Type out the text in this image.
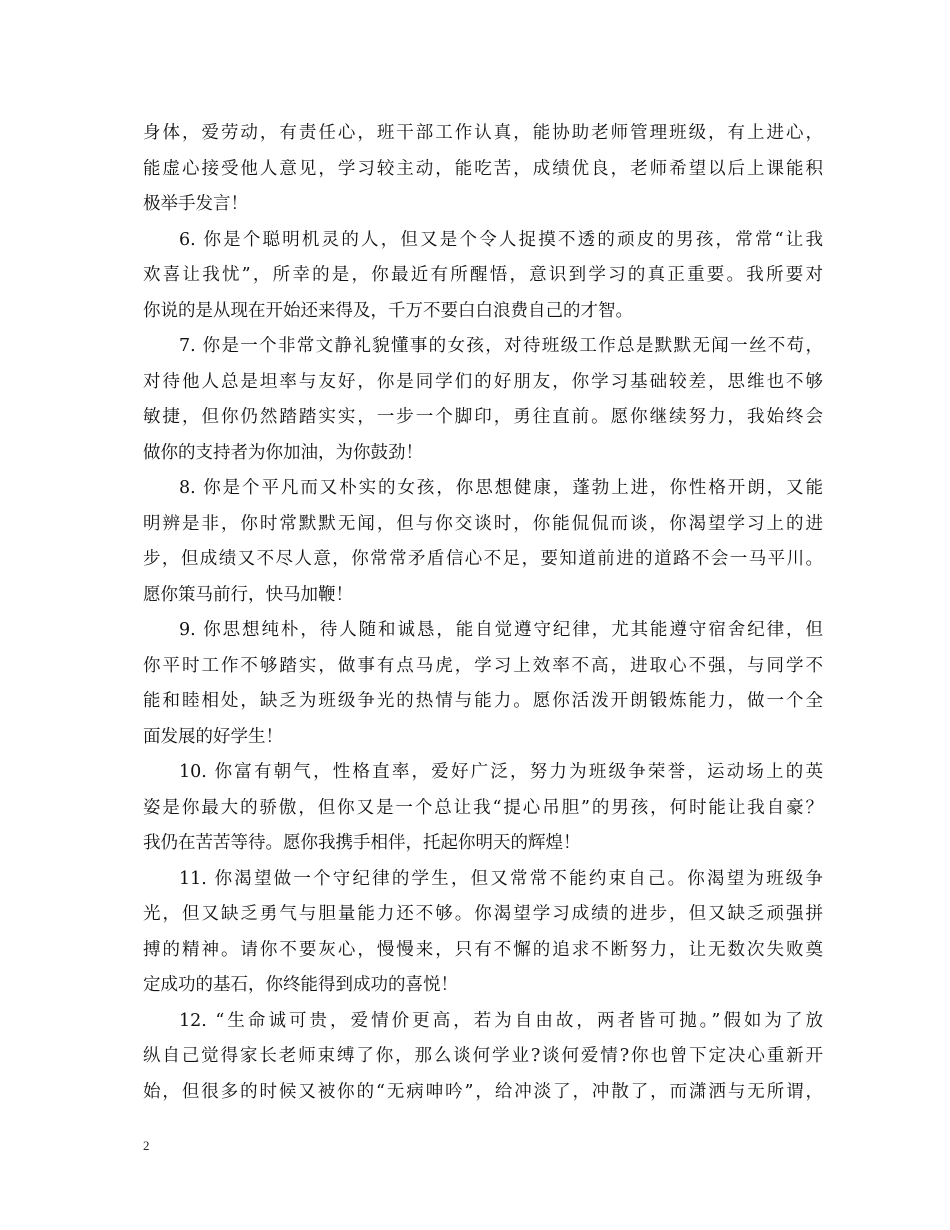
身体，爱劳动，有责任心，班干部工作认真，能协助老师管理班级，有上进心，
能虚心接受他人意见，学习较主动，能吃苦，成绩优良，老师希望以后上课能积
极举手发言！
6. 你是个聪明机灵的人，但又是个令人捉摸不透的顽皮的男孩，常常“让我
欢喜让我忧”，所幸的是，你最近有所醒悟，意识到学习的真正重要。我所要对
你说的是从现在开始还来得及，千万不要白白浪费自己的才智。
7. 你是一个非常文静礼貌懂事的女孩，对待班级工作总是默默无闻一丝不苟，
对待他人总是坦率与友好，你是同学们的好朋友，你学习基础较差，思维也不够
敏捷，但你仍然踏踏实实，一步一个脚印，勇往直前。愿你继续努力，我始终会
做你的支持者为你加油，为你鼓劲！
8. 你是个平凡而又朴实的女孩，你思想健康，蓬勃上进，你性格开朗，又能
明辨是非，你时常默默无闻，但与你交谈时，你能侃侃而谈，你渴望学习上的进
步，但成绩又不尽人意，你常常矛盾信心不足，要知道前进的道路不会一马平川。
愿你策马前行，快马加鞭！
9. 你思想纯朴，待人随和诚恳，能自觉遵守纪律，尤其能遵守宿舍纪律，但
你平时工作不够踏实，做事有点马虎，学习上效率不高，进取心不强，与同学不
能和睦相处，缺乏为班级争光的热情与能力。愿你活泼开朗锻炼能力，做一个全
面发展的好学生！
10. 你富有朝气，性格直率，爱好广泛，努力为班级争荣誉，运动场上的英
姿是你最大的骄傲，但你又是一个总让我“提心吊胆”的男孩，何时能让我自豪？
我仍在苦苦等待。愿你我携手相伴，托起你明天的辉煌！
11. 你渴望做一个守纪律的学生，但又常常不能约束自己。你渴望为班级争
光，但又缺乏勇气与胆量能力还不够。你渴望学习成绩的进步，但又缺乏顽强拼
搏的精神。请你不要灰心，慢慢来，只有不懈的追求不断努力，让无数次失败奠
定成功的基石，你终能得到成功的喜悦！
12. “生命诚可贵，爱情价更高，若为自由故，两者皆可抛。”假如为了放
纵自己觉得家长老师束缚了你，那么谈何学业?谈何爱情?你也曾下定决心重新开
始，但很多的时候又被你的“无病呻吟”，给冲淡了，冲散了，而潇洒与无所谓，
2
